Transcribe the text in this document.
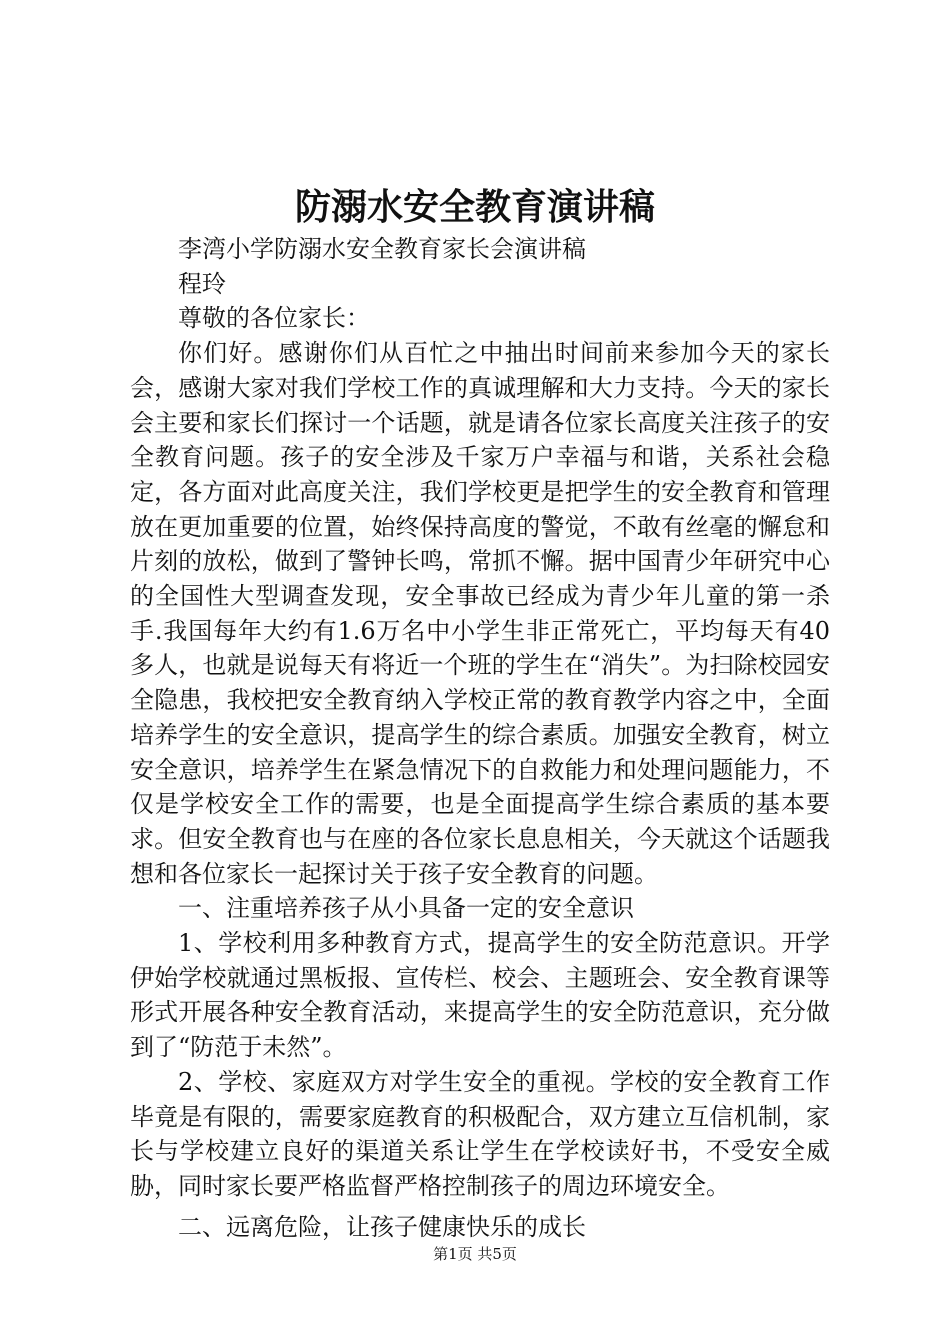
防溺水安全教育演讲稿

李湾小学防溺水安全教育家长会演讲稿

程玲

尊敬的各位家长：

你们好。感谢你们从百忙之中抽出时间前来参加今天的家长会，感谢大家对我们学校工作的真诚理解和大力支持。今天的家长会主要和家长们探讨一个话题，就是请各位家长高度关注孩子的安全教育问题。孩子的安全涉及千家万户幸福与和谐，关系社会稳定，各方面对此高度关注，我们学校更是把学生的安全教育和管理放在更加重要的位置，始终保持高度的警觉，不敢有丝毫的懈怠和片刻的放松，做到了警钟长鸣，常抓不懈。据中国青少年研究中心的全国性大型调查发现，安全事故已经成为青少年儿童的第一杀手.我国每年大约有1.6万名中小学生非正常死亡，平均每天有40多人，也就是说每天有将近一个班的学生在“消失”。为扫除校园安全隐患，我校把安全教育纳入学校正常的教育教学内容之中，全面培养学生的安全意识，提高学生的综合素质。加强安全教育，树立安全意识，培养学生在紧急情况下的自救能力和处理问题能力，不仅是学校安全工作的需要，也是全面提高学生综合素质的基本要求。但安全教育也与在座的各位家长息息相关，今天就这个话题我想和各位家长一起探讨关于孩子安全教育的问题。

一、注重培养孩子从小具备一定的安全意识

1、学校利用多种教育方式，提高学生的安全防范意识。开学伊始学校就通过黑板报、宣传栏、校会、主题班会、安全教育课等形式开展各种安全教育活动，来提高学生的安全防范意识，充分做到了“防范于未然”。

2、学校、家庭双方对学生安全的重视。学校的安全教育工作毕竟是有限的，需要家庭教育的积极配合，双方建立互信机制，家长与学校建立良好的渠道关系让学生在学校读好书，不受安全威胁，同时家长要严格监督严格控制孩子的周边环境安全。

二、远离危险，让孩子健康快乐的成长

第1页 共5页
